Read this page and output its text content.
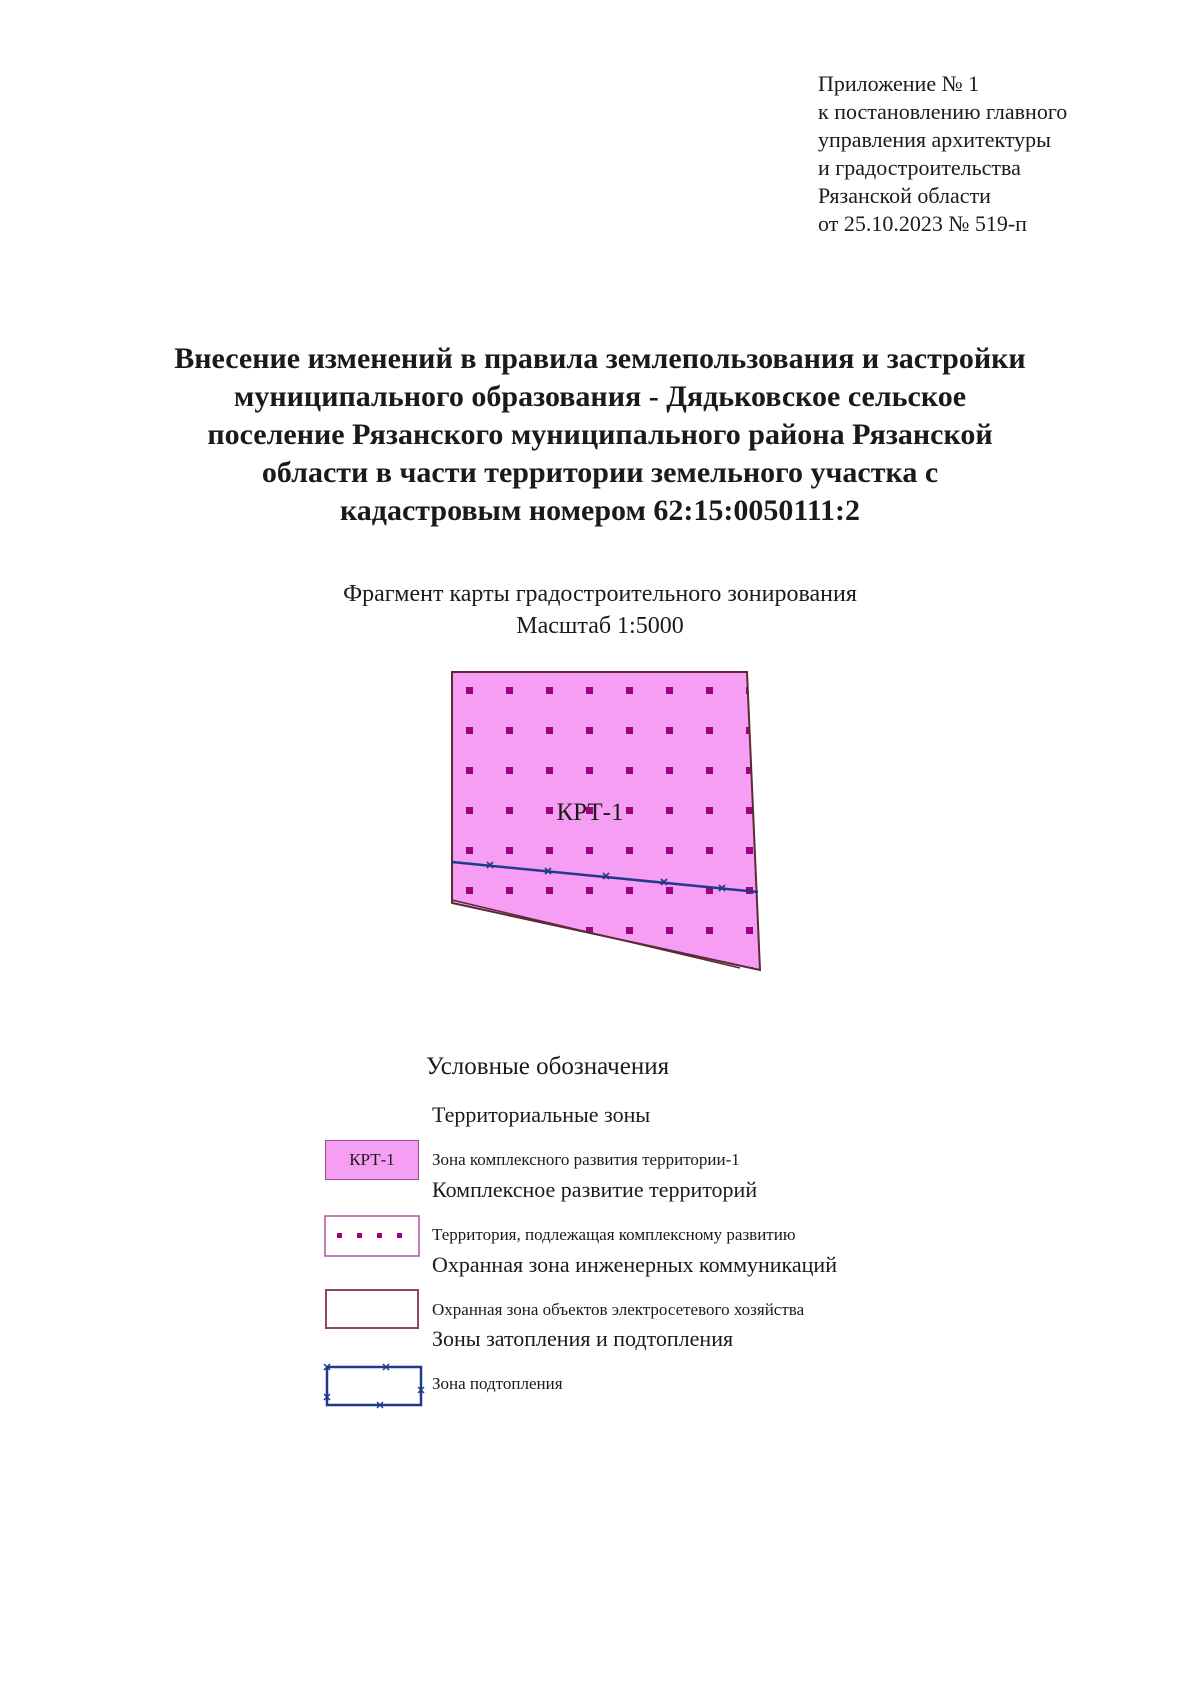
Приложение № 1
к постановлению главного
управления архитектуры
и градостроительства
Рязанской области
от 25.10.2023 № 519-п
Внесение изменений в правила землепользования и застройки
муниципального образования - Дядьковское сельское
поселение Рязанского муниципального района Рязанской
области в части территории земельного участка с
кадастровым номером 62:15:0050111:2
Фрагмент карты градостроительного зонирования
Масштаб 1:5000
КРТ-1
Условные обозначения
Территориальные зоны
КРТ-1	Зона комплексного развития территории-1
Комплексное развитие территорий
Территория, подлежащая комплексному развитию
Охранная зона инженерных коммуникаций
Охранная зона объектов электросетевого хозяйства
Зоны затопления и подтопления
Зона подтопления
